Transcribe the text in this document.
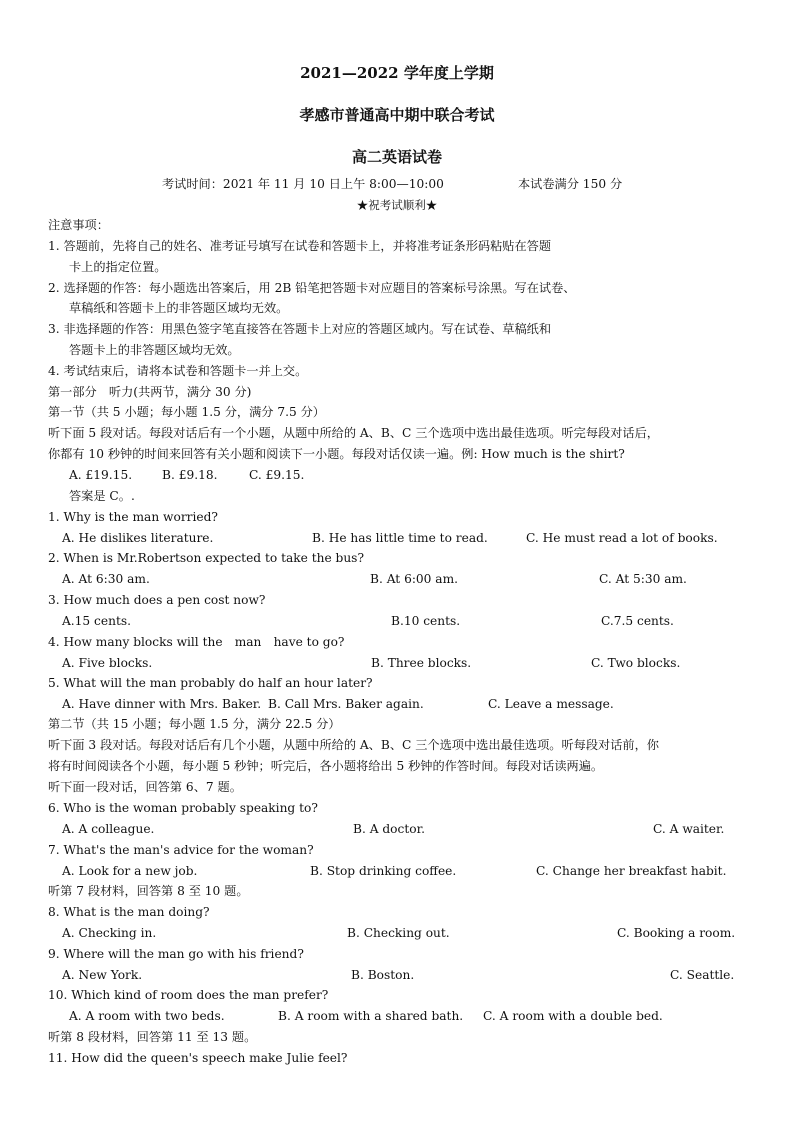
2021—2022 学年度上学期
孝感市普通高中期中联合考试
高二英语试卷
考试时间：2021 年 11 月 10 日上午 8:00—10:00	本试卷满分 150 分
★祝考试顺利★
注意事项：
1. 答题前，先将自己的姓名、准考证号填写在试卷和答题卡上，并将准考证条形码粘贴在答题
卡上的指定位置。
2. 选择题的作答：每小题选出答案后，用 2B 铅笔把答题卡对应题目的答案标号涂黑。写在试卷、
草稿纸和答题卡上的非答题区域均无效。
3. 非选择题的作答：用黑色签字笔直接答在答题卡上对应的答题区域内。写在试卷、草稿纸和
答题卡上的非答题区域均无效。
4. 考试结束后，请将本试卷和答题卡一并上交。
第一部分　听力(共两节，满分 30 分)
第一节（共 5 小题；每小题 1.5 分，满分 7.5 分）
听下面 5 段对话。每段对话后有一个小题，从题中所给的 A、B、C 三个选项中选出最佳选项。听完每段对话后，
你都有 10 秒钟的时间来回答有关小题和阅读下一小题。每段对话仅读一遍。例: How much is the shirt?
A. £19.15. B. £9.18.	C. £9.15.
答案是 C。.
1. Why is the man worried?
A. He dislikes literature.	B. He has little time to read.	C. He must read a lot of books.
2. When is Mr.Robertson expected to take the bus?
A. At 6:30 am.	B. At 6:00 am.	C. At 5:30 am.
3. How much does a pen cost now?
A.15 cents.	B.10 cents.	C.7.5 cents.
4. How many blocks will the　man　have to go?
A. Five blocks.	B. Three blocks.	C. Two blocks.
5. What will the man probably do half an hour later?
A. Have dinner with Mrs. Baker. B. Call Mrs. Baker again.	C. Leave a message.
第二节（共 15 小题；每小题 1.5 分，满分 22.5 分）
听下面 3 段对话。每段对话后有几个小题，从题中所给的 A、B、C 三个选项中选出最佳选项。听每段对话前，你
将有时间阅读各个小题，每小题 5 秒钟；听完后，各小题将给出 5 秒钟的作答时间。每段对话读两遍。
听下面一段对话，回答第 6、7 题。
6. Who is the woman probably speaking to?
A. A colleague.	B. A doctor.	C. A waiter.
7. What's the man's advice for the woman?
A. Look for a new job.	B. Stop drinking coffee.	C. Change her breakfast habit.
听第 7 段材料，回答第 8 至 10 题。
8. What is the man doing?
A. Checking in.	B. Checking out.	C. Booking a room.
9. Where will the man go with his friend?
A. New York.	B. Boston.	C. Seattle.
10. Which kind of room does the man prefer?
A. A room with two beds.	B. A room with a shared bath. C. A room with a double bed.
听第 8 段材料，回答第 11 至 13 题。
11. How did the queen's speech make Julie feel?
